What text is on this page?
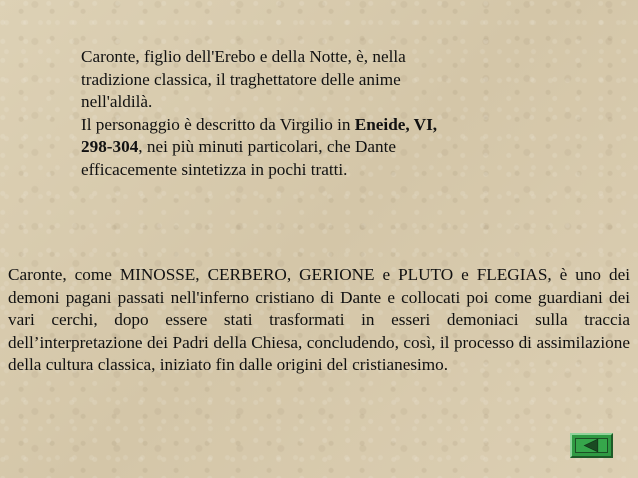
Caronte, figlio dell'Erebo e della Notte, è, nella

tradizione classica, il traghettatore delle anime

nell'aldilà.

Il personaggio è descritto da Virgilio in Eneide, VI,

298-304, nei più minuti particolari, che Dante

efficacemente sintetizza in pochi tratti.

Caronte, come MINOSSE, CERBERO, GERIONE e PLUTO e FLEGIAS, è uno dei demoni pagani passati nell'inferno cristiano di Dante e collocati poi come guardiani dei vari cerchi, dopo essere stati trasformati in esseri demoniaci sulla traccia dell’interpretazione dei Padri della Chiesa, concludendo, così, il processo di assimilazione della cultura classica, iniziato fin dalle origini del cristianesimo.
